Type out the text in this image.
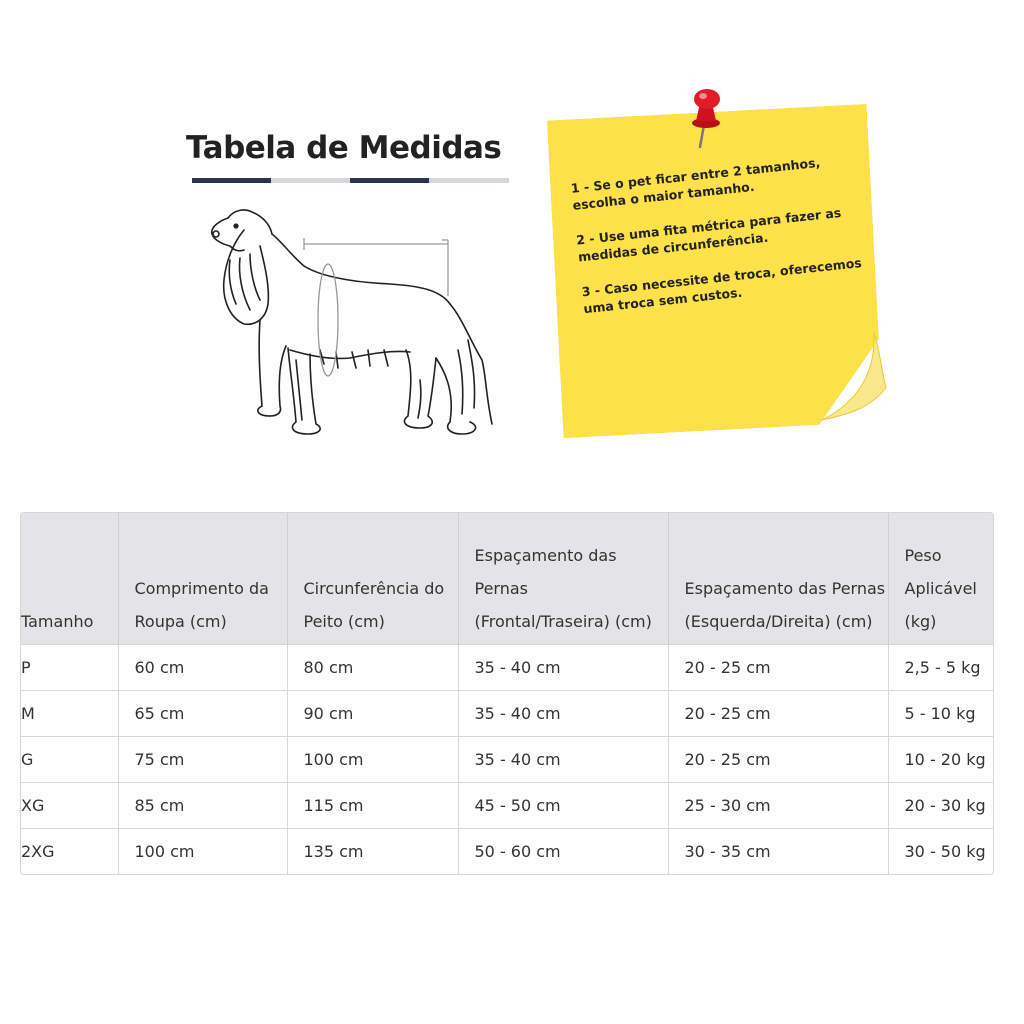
Tabela de Medidas

1 - Se o pet ficar entre 2 tamanhos, escolha o maior tamanho.

2 - Use uma fita métrica para fazer as medidas de circunferência.

3 - Caso necessite de troca, oferecemos uma troca sem custos.

Tamanho	Comprimento da Roupa (cm)	Circunferência do Peito (cm)	Espaçamento das Pernas (Frontal/Traseira) (cm)	Espaçamento das Pernas (Esquerda/Direita) (cm)	Peso Aplicável (kg)
P	60 cm	80 cm	35 - 40 cm	20 - 25 cm	2,5 - 5 kg
M	65 cm	90 cm	35 - 40 cm	20 - 25 cm	5 - 10 kg
G	75 cm	100 cm	35 - 40 cm	20 - 25 cm	10 - 20 kg
XG	85 cm	115 cm	45 - 50 cm	25 - 30 cm	20 - 30 kg
2XG	100 cm	135 cm	50 - 60 cm	30 - 35 cm	30 - 50 kg
